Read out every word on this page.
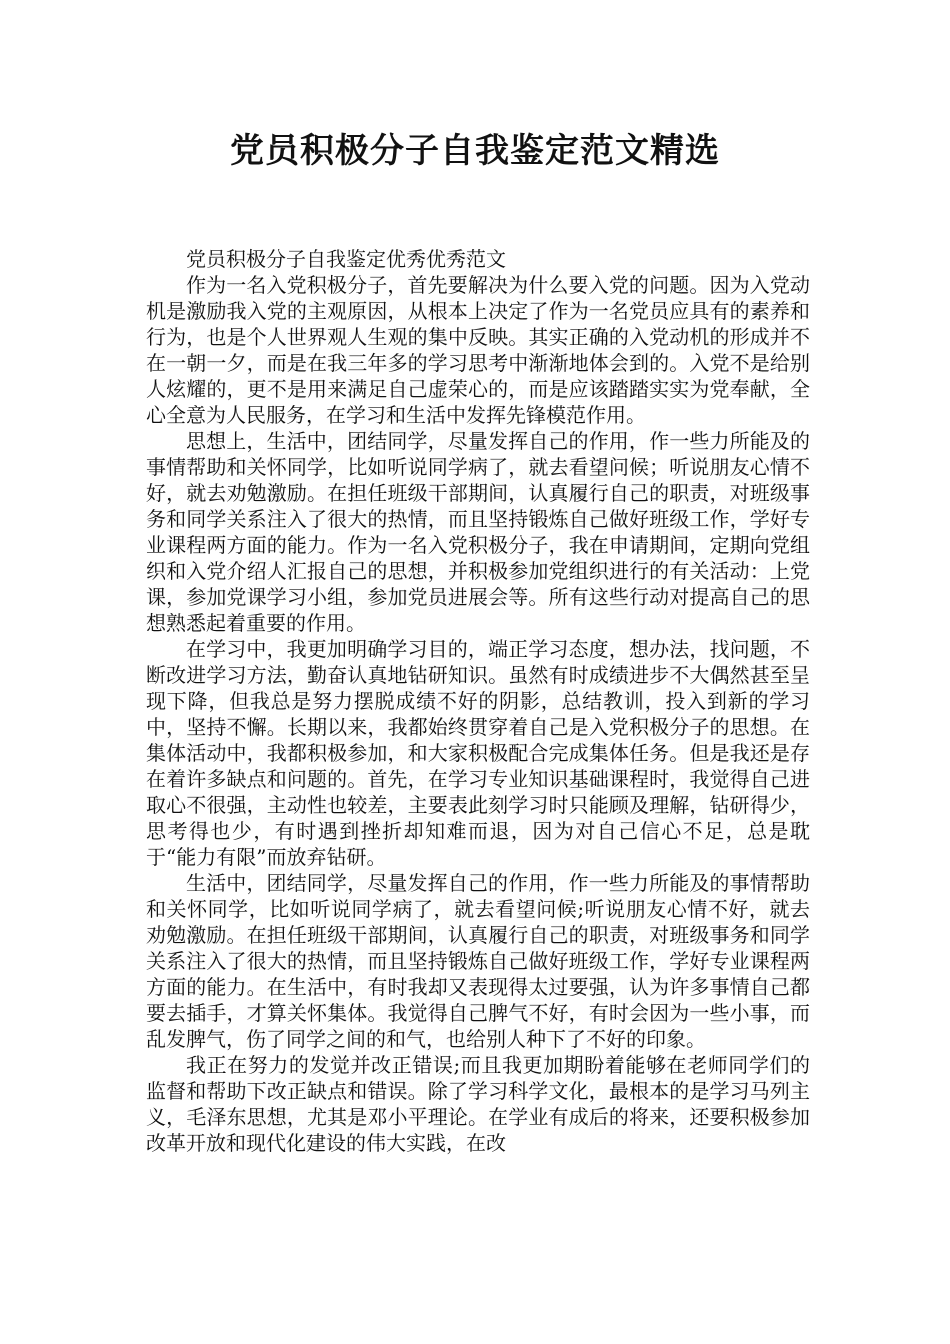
党员积极分子自我鉴定范文精选

党员积极分子自我鉴定优秀优秀范文

作为一名入党积极分子，首先要解决为什么要入党的问题。因为入党动机是激励我入党的主观原因，从根本上决定了作为一名党员应具有的素养和行为，也是个人世界观人生观的集中反映。其实正确的入党动机的形成并不在一朝一夕，而是在我三年多的学习思考中渐渐地体会到的。入党不是给别人炫耀的，更不是用来满足自己虚荣心的，而是应该踏踏实实为党奉献，全心全意为人民服务，在学习和生活中发挥先锋模范作用。

思想上，生活中，团结同学，尽量发挥自己的作用，作一些力所能及的事情帮助和关怀同学，比如听说同学病了，就去看望问候；听说朋友心情不好，就去劝勉激励。在担任班级干部期间，认真履行自己的职责，对班级事务和同学关系注入了很大的热情，而且坚持锻炼自己做好班级工作，学好专业课程两方面的能力。作为一名入党积极分子，我在申请期间，定期向党组织和入党介绍人汇报自己的思想，并积极参加党组织进行的有关活动：上党课，参加党课学习小组，参加党员进展会等。所有这些行动对提高自己的思想熟悉起着重要的作用。

在学习中，我更加明确学习目的，端正学习态度，想办法，找问题，不断改进学习方法，勤奋认真地钻研知识。虽然有时成绩进步不大偶然甚至呈现下降，但我总是努力摆脱成绩不好的阴影，总结教训，投入到新的学习中，坚持不懈。长期以来，我都始终贯穿着自己是入党积极分子的思想。在集体活动中，我都积极参加，和大家积极配合完成集体任务。但是我还是存在着许多缺点和问题的。首先，在学习专业知识基础课程时，我觉得自己进取心不很强，主动性也较差，主要表此刻学习时只能顾及理解，钻研得少，思考得也少，有时遇到挫折却知难而退，因为对自己信心不足，总是耽于“能力有限”而放弃钻研。

生活中，团结同学，尽量发挥自己的作用，作一些力所能及的事情帮助和关怀同学，比如听说同学病了，就去看望问候;听说朋友心情不好，就去劝勉激励。在担任班级干部期间，认真履行自己的职责，对班级事务和同学关系注入了很大的热情，而且坚持锻炼自己做好班级工作，学好专业课程两方面的能力。在生活中，有时我却又表现得太过要强，认为许多事情自己都要去插手，才算关怀集体。我觉得自己脾气不好，有时会因为一些小事，而乱发脾气，伤了同学之间的和气，也给别人种下了不好的印象。

我正在努力的发觉并改正错误;而且我更加期盼着能够在老师同学们的监督和帮助下改正缺点和错误。除了学习科学文化，最根本的是学习马列主义，毛泽东思想，尤其是邓小平理论。在学业有成后的将来，还要积极参加改革开放和现代化建设的伟大实践，在改
